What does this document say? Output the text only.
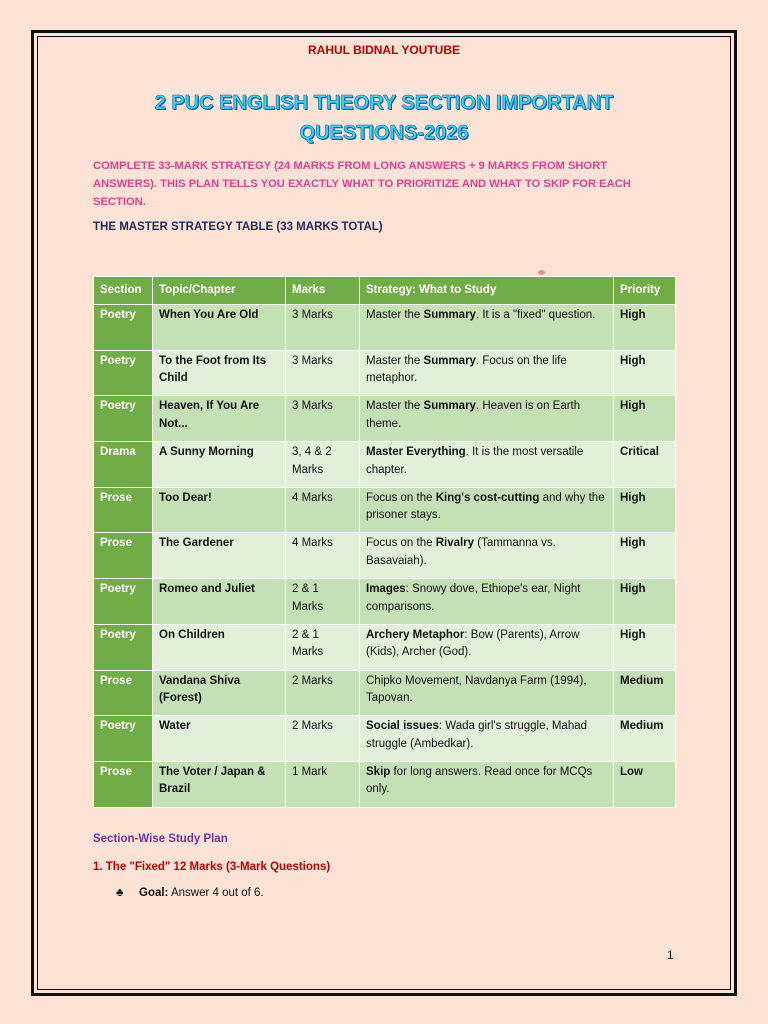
RAHUL BIDNAL YOUTUBE
2 PUC ENGLISH THEORY SECTION IMPORTANT QUESTIONS-2026
COMPLETE 33-MARK STRATEGY (24 MARKS FROM LONG ANSWERS + 9 MARKS FROM SHORT ANSWERS). THIS PLAN TELLS YOU EXACTLY WHAT TO PRIORITIZE AND WHAT TO SKIP FOR EACH SECTION.
THE MASTER STRATEGY TABLE (33 MARKS TOTAL)
Section	Topic/Chapter	Marks	Strategy: What to Study	Priority
Poetry	When You Are Old	3 Marks	Master the Summary. It is a "fixed" question.	High
Poetry	To the Foot from Its Child	3 Marks	Master the Summary. Focus on the life metaphor.	High
Poetry	Heaven, If You Are Not...	3 Marks	Master the Summary. Heaven is on Earth theme.	High
Drama	A Sunny Morning	3, 4 & 2 Marks	Master Everything. It is the most versatile chapter.	Critical
Prose	Too Dear!	4 Marks	Focus on the King's cost-cutting and why the prisoner stays.	High
Prose	The Gardener	4 Marks	Focus on the Rivalry (Tammanna vs. Basavaiah).	High
Poetry	Romeo and Juliet	2 & 1 Marks	Images: Snowy dove, Ethiope's ear, Night comparisons.	High
Poetry	On Children	2 & 1 Marks	Archery Metaphor: Bow (Parents), Arrow (Kids), Archer (God).	High
Prose	Vandana Shiva (Forest)	2 Marks	Chipko Movement, Navdanya Farm (1994), Tapovan.	Medium
Poetry	Water	2 Marks	Social issues: Wada girl's struggle, Mahad struggle (Ambedkar).	Medium
Prose	The Voter / Japan & Brazil	1 Mark	Skip for long answers. Read once for MCQs only.	Low
Section-Wise Study Plan
1. The "Fixed" 12 Marks (3-Mark Questions)
♣ Goal: Answer 4 out of 6.
1
